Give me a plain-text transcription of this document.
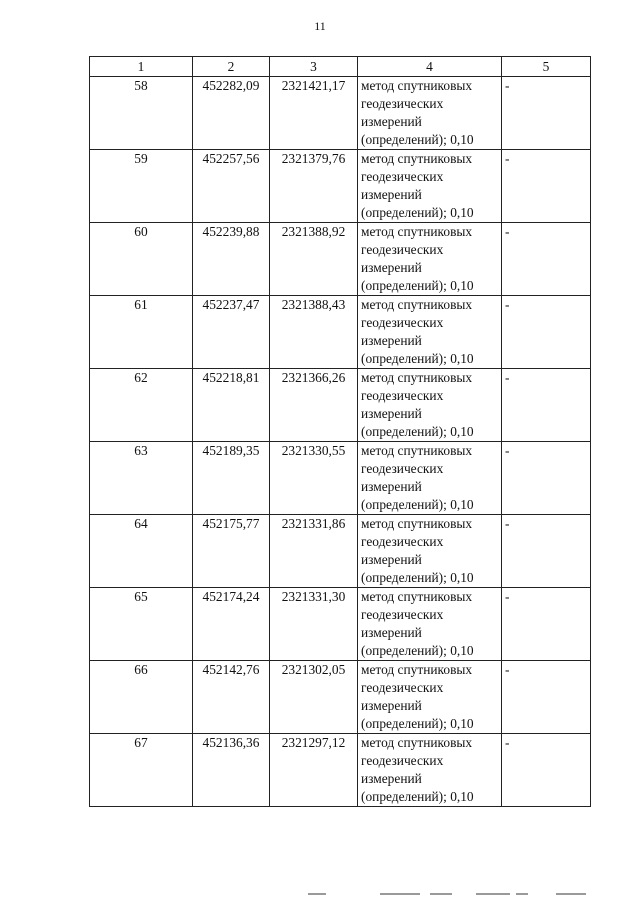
11
1	2	3	4	5
58	452282,09	2321421,17	метод спутниковых
геодезических
измерений
(определений); 0,10	-
59	452257,56	2321379,76	метод спутниковых
геодезических
измерений
(определений); 0,10	-
60	452239,88	2321388,92	метод спутниковых
геодезических
измерений
(определений); 0,10	-
61	452237,47	2321388,43	метод спутниковых
геодезических
измерений
(определений); 0,10	-
62	452218,81	2321366,26	метод спутниковых
геодезических
измерений
(определений); 0,10	-
63	452189,35	2321330,55	метод спутниковых
геодезических
измерений
(определений); 0,10	-
64	452175,77	2321331,86	метод спутниковых
геодезических
измерений
(определений); 0,10	-
65	452174,24	2321331,30	метод спутниковых
геодезических
измерений
(определений); 0,10	-
66	452142,76	2321302,05	метод спутниковых
геодезических
измерений
(определений); 0,10	-
67	452136,36	2321297,12	метод спутниковых
геодезических
измерений
(определений); 0,10	-
